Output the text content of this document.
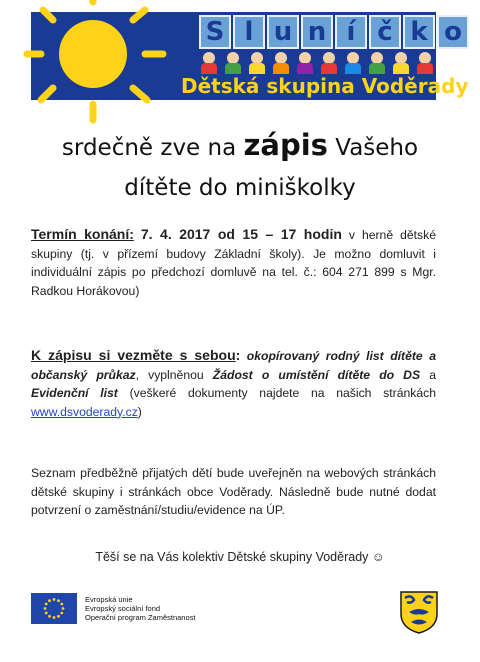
S l u n í č k o
Dětská skupina Voděrady
srdečně zve na zápis Vašeho
dítěte do miniškolky
Termín konání: 7. 4. 2017 od 15 – 17 hodin v herně dětské skupiny (tj. v přízemí budovy Základní školy). Je možno domluvit i individuální zápis po předchozí domluvě na tel. č.: 604 271 899 s Mgr. Radkou Horákovou)
K zápisu si vezměte s sebou: okopírovaný rodný list dítěte a občanský průkaz, vyplněnou Žádost o umístění dítěte do DS a Evidenční list (veškeré dokumenty najdete na našich stránkách www.dsvoderady.cz)
Seznam předběžně přijatých dětí bude uveřejněn na webových stránkách dětské skupiny i stránkách obce Voděrady. Následně bude nutné dodat potvrzení o zaměstnání/studiu/evidence na ÚP.
Těší se na Vás kolektiv Dětské skupiny Voděrady ☺
Evropská unie
Evropský sociální fond
Operační program Zaměstnanost
